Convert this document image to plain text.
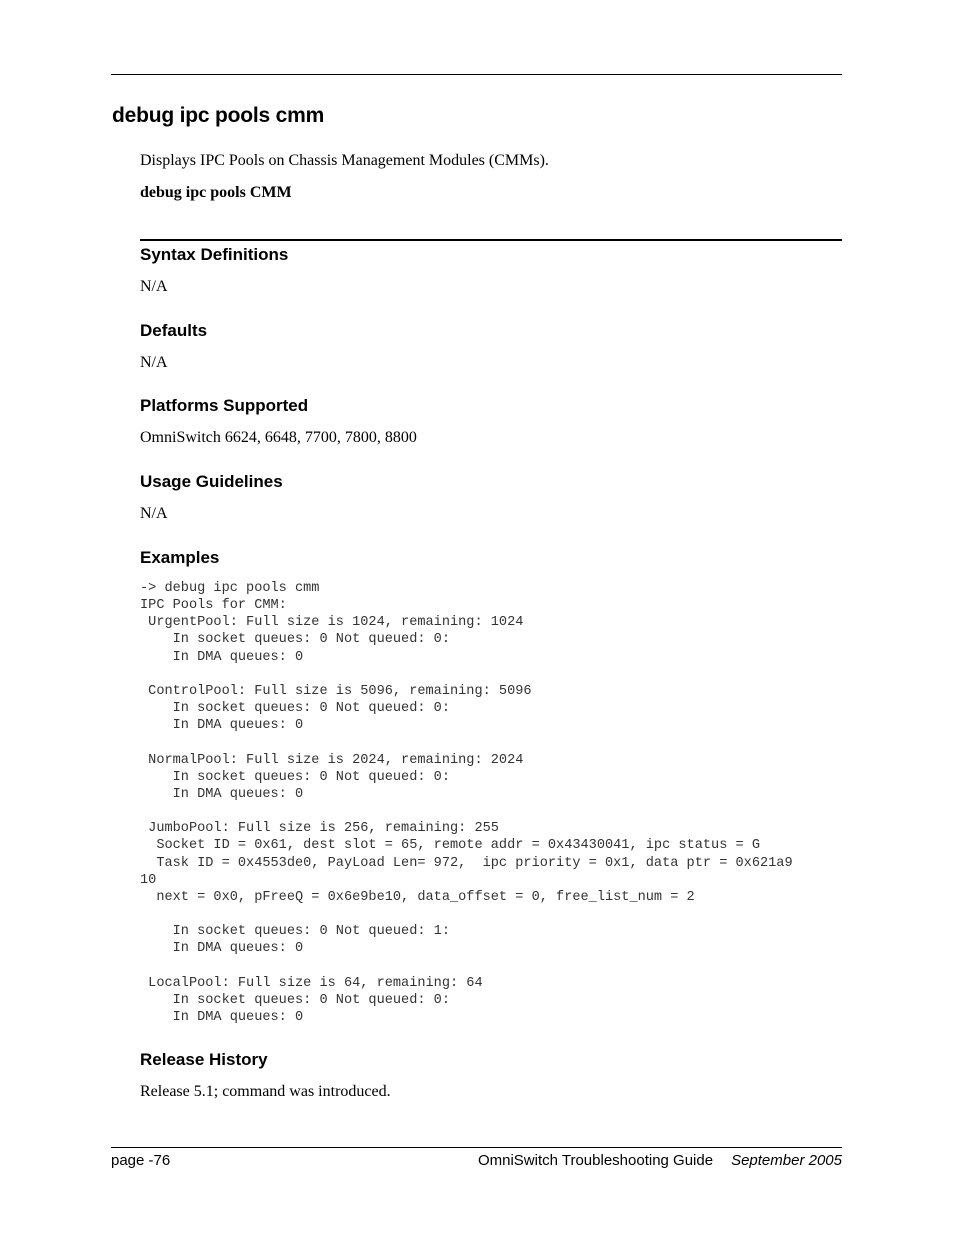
debug ipc pools cmm

Displays IPC Pools on Chassis Management Modules (CMMs).

debug ipc pools CMM

Syntax Definitions

N/A

Defaults

N/A

Platforms Supported

OmniSwitch 6624, 6648, 7700, 7800, 8800

Usage Guidelines

N/A

Examples
-> debug ipc pools cmm
IPC Pools for CMM:
UrgentPool: Full size is 1024, remaining: 1024
In socket queues: 0 Not queued: 0:
In DMA queues: 0

ControlPool: Full size is 5096, remaining: 5096
In socket queues: 0 Not queued: 0:
In DMA queues: 0

NormalPool: Full size is 2024, remaining: 2024
In socket queues: 0 Not queued: 0:
In DMA queues: 0

JumboPool: Full size is 256, remaining: 255
Socket ID = 0x61, dest slot = 65, remote addr = 0x43430041, ipc status = G
Task ID = 0x4553de0, PayLoad Len= 972,  ipc priority = 0x1, data ptr = 0x621a9
10
next = 0x0, pFreeQ = 0x6e9be10, data_offset = 0, free_list_num = 2

In socket queues: 0 Not queued: 1:
In DMA queues: 0

LocalPool: Full size is 64, remaining: 64
In socket queues: 0 Not queued: 0:
In DMA queues: 0
Release History

Release 5.1; command was introduced.

page -76	OmniSwitch Troubleshooting Guide September 2005
